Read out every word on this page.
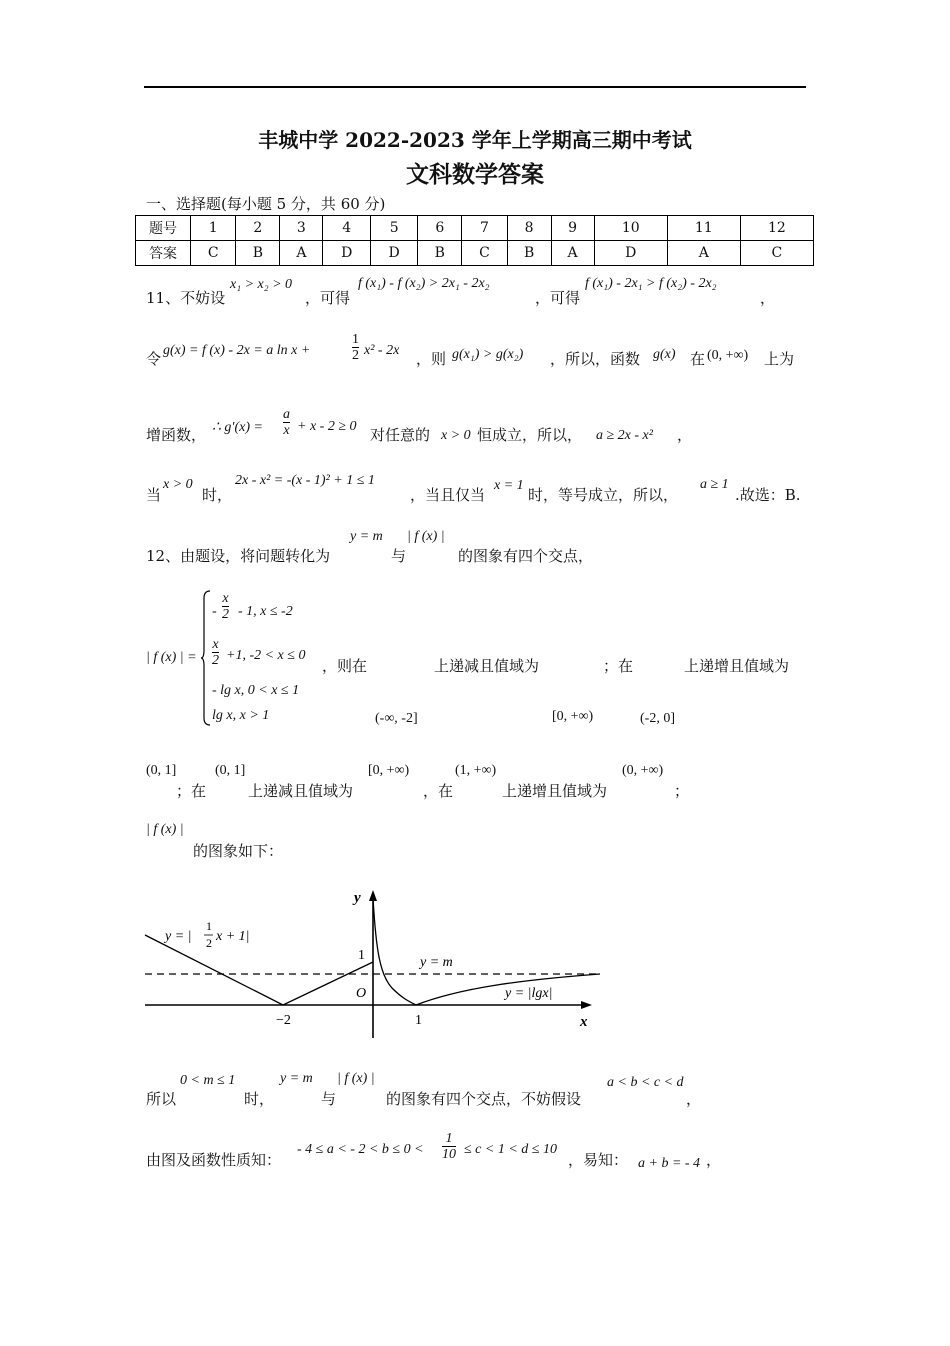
丰城中学 2022-2023 学年上学期高三期中考试
文科数学答案
一、选择题(每小题 5 分，共 60 分)
题号	1	2	3	4	5	6	7	8	9	10	11	12
答案	C	B	A	D	D	B	C	B	A	D	A	C
11、不妨设
x₁ > x₂ > 0
，可得
f (x₁) - f (x₂) > 2x₁ - 2x₂
，可得
f (x₁) - 2x₁ > f (x₂) - 2x₂
，
令 g(x) = f (x) - 2x = a ln x +	$\frac{1}{2} x^2 - 2x$ ，则 g(x₁) > g(x₂) ，所以，函数 g(x) 在 (0, +∞) 上为
增函数， ∴ $g'(x) = \frac{a}{x} + x - 2 \ge 0$ 对任意的 x > 0 恒成立，所以， a ≥ 2x - x² ，
当
x > 0
时，
2x - x² = -(x - 1)² + 1 ≤ 1
，当且仅当
x = 1
时，等号成立，所以，
a ≥ 1
.故选：B.
12、由题设，将问题转化为
y = m
与
| f (x) |
的图象有四个交点，
| f (x) | =
- $\frac{x}{2} - 1$, x ≤ -2
$\frac{x}{2} +1$, -2 < x ≤ 0
- lg x, 0 < x ≤ 1
lg x, x > 1
，则在	上递减且值域为	；在	上递增且值域为
(-∞, -2]	[0, +∞)	(-2, 0]
(0, 1]
；在
(0, 1]
上递减且值域为
[0, +∞)
，在
(1, +∞)
上递增且值域为
(0, +∞)
；
| f (x) |
的图象如下：
y
x
y = |
1
2 x + 1|
y = m
y = |lgx|
1
O
−2	1
所以
0 < m ≤ 1
时，
y = m
与
| f (x) |
的图象有四个交点，不妨假设
a < b < c < d
，
由图及函数性质知：
- 4 ≤ a < - $2 < b \le 0 < \frac{1}{10} \le c < 1 < d \le 10$
，易知： a + b = - 4 ，
